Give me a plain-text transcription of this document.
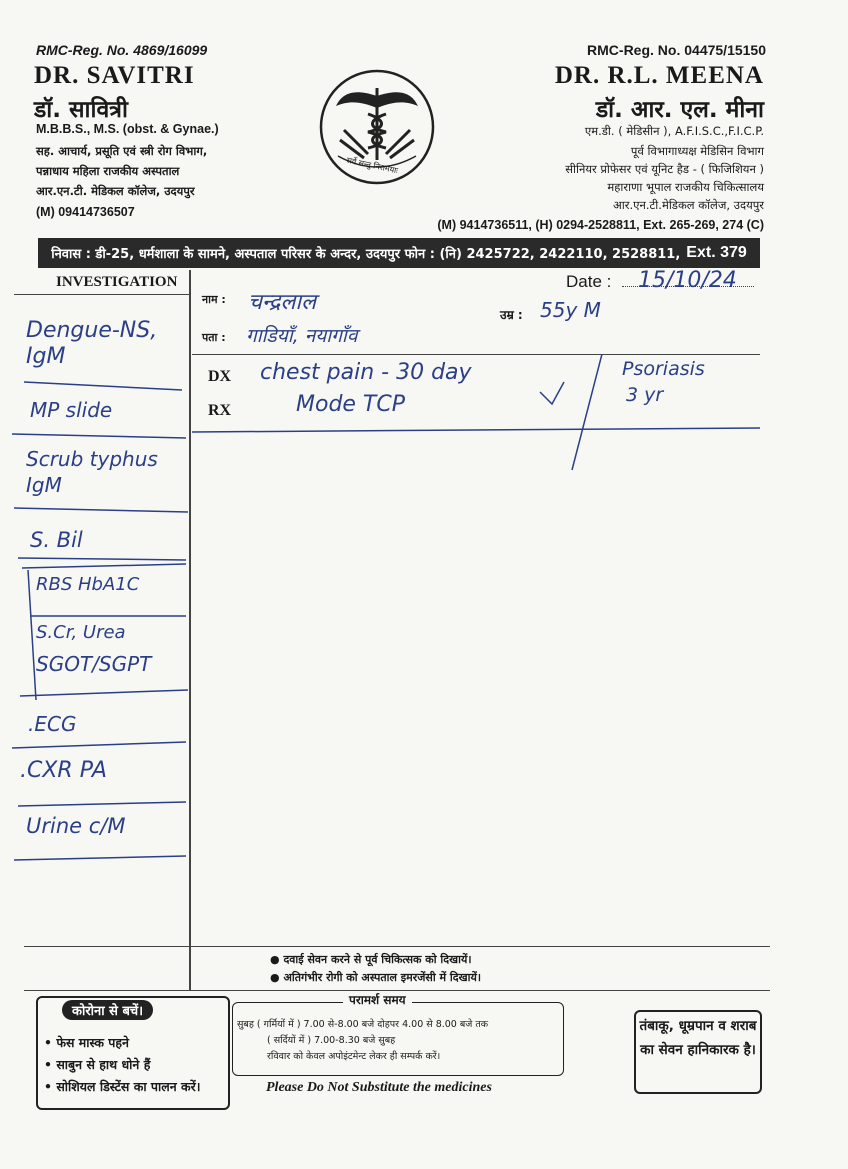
RMC-Reg. No. 4869/16099
DR. SAVITRI
डॉ. सावित्री
M.B.B.S., M.S. (obst. & Gynae.)
सह. आचार्य, प्रसूति एवं स्त्री रोग विभाग,
पन्नाधाय महिला राजकीय अस्पताल
आर.एन.टी. मेडिकल कॉलेज, उदयपुर
(M) 09414736507
सर्वे सन्तु निरामयाः
RMC-Reg. No. 04475/15150
DR. R.L. MEENA
डॉ. आर. एल. मीना
एम.डी. ( मेडिसीन ), A.F.I.S.C.,F.I.C.P.
पूर्व विभागाध्यक्ष मेडिसिन विभाग
सीनियर प्रोफेसर एवं यूनिट हैड - ( फिजिशियन )
महाराणा भूपाल राजकीय चिकित्सालय
आर.एन.टी.मेडिकल कॉलेज, उदयपुर
(M) 9414736511, (H) 0294-2528811, Ext. 265-269, 274 (C)
निवास : डी-25, धर्मशाला के सामने, अस्पताल परिसर के अन्दर, उदयपुर फोन : (नि) 2425722, 2422110, 2528811, Ext. 379
INVESTIGATION
Dengue-NS, IgM
MP slide
Scrub typhus IgM
S. Bil
RBS HbA1C
S.Cr, Urea
SGOT/SGPT
.ECG
.CXR PA
Urine c/M
Date : 15/10/24
नाम : चन्द्रलाल	उम्र : 55y M
पता : गाडियाँ, नयागाँव
DX
RX
chest pain - 30 day
Mode TCP
Psoriasis
3 yr
● दवाई सेवन करने से पूर्व चिकित्सक को दिखायें।
● अतिगंभीर रोगी को अस्पताल इमरजेंसी में दिखायें।
कोरोना से बचें।
• फेस मास्क पहने
• साबुन से हाथ धोने हैं
• सोशियल डिस्टेंस का पालन करें।
परामर्श समय
सुबह ( गर्मियों में ) 7.00 से-8.00 बजे दोहपर 4.00 से 8.00 बजे तक
( सर्दियों में ) 7.00-8.30 बजे सुबह
रविवार को केवल अपोइंटमेन्ट लेकर ही सम्पर्क करें।
Please Do Not Substitute the medicines
तंबाकू, धूम्रपान व शराब का सेवन हानिकारक है।
